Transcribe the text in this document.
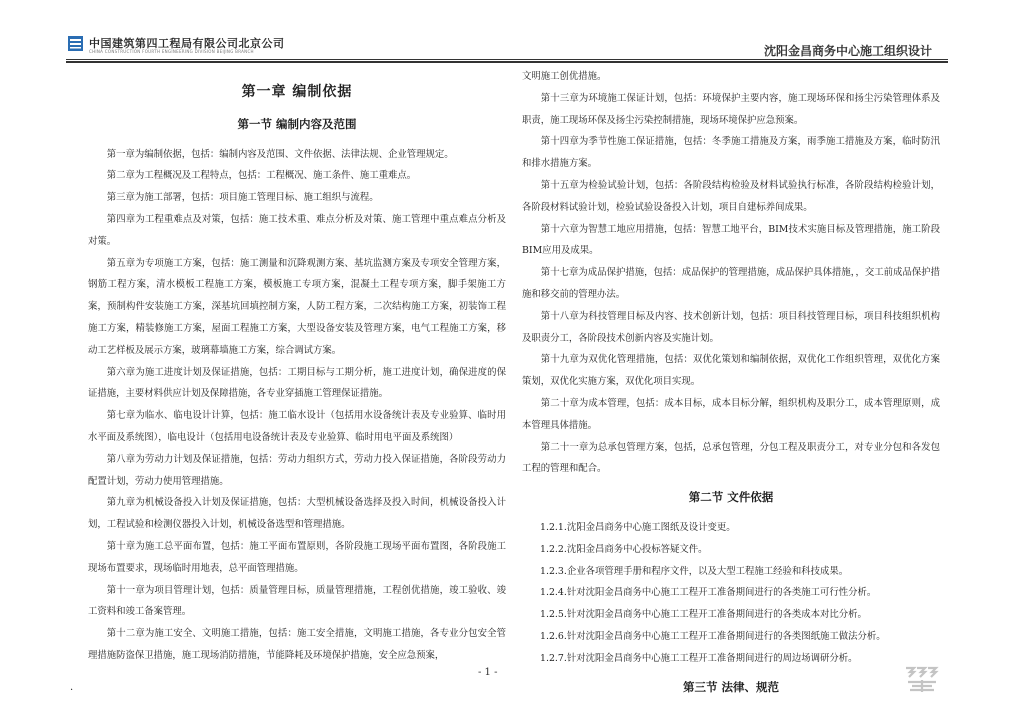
中国建筑第四工程局有限公司北京公司
CHINA CONSTRUCTION FOURTH ENGINEERING DIVISION BEIJING BRANCH	沈阳金昌商务中心施工组织设计
第一章 编制依据
第一节 编制内容及范围

第一章为编制依据，包括：编制内容及范围、文件依据、法律法规、企业管理规定。

第二章为工程概况及工程特点，包括：工程概况、施工条件、施工重难点。

第三章为施工部署，包括：项目施工管理目标、施工组织与流程。

第四章为工程重难点及对策，包括：施工技术重、难点分析及对策、施工管理中重点难点分析及对策。

第五章为专项施工方案，包括：施工测量和沉降观测方案、基坑监测方案及专项安全管理方案，钢筋工程方案，清水模板工程施工方案，模板施工专项方案，混凝土工程专项方案，脚手架施工方案，预制构件安装施工方案，深基坑回填控制方案，人防工程方案，二次结构施工方案，初装饰工程施工方案，精装修施工方案，屋面工程施工方案，大型设备安装及管理方案，电气工程施工方案，移动工艺样板及展示方案，玻璃幕墙施工方案，综合调试方案。

第六章为施工进度计划及保证措施，包括：工期目标与工期分析，施工进度计划，确保进度的保证措施，主要材料供应计划及保障措施，各专业穿插施工管理保证措施。

第七章为临水、临电设计计算，包括：施工临水设计（包括用水设备统计表及专业验算、临时用水平面及系统图），临电设计（包括用电设备统计表及专业验算、临时用电平面及系统图）

第八章为劳动力计划及保证措施，包括：劳动力组织方式，劳动力投入保证措施，各阶段劳动力配置计划，劳动力使用管理措施。

第九章为机械设备投入计划及保证措施，包括：大型机械设备选择及投入时间，机械设备投入计划，工程试验和检测仪器投入计划，机械设备选型和管理措施。

第十章为施工总平面布置，包括：施工平面布置原则，各阶段施工现场平面布置图，各阶段施工现场布置要求，现场临时用地表，总平面管理措施。

第十一章为项目管理计划，包括：质量管理目标，质量管理措施，工程创优措施，竣工验收、竣工资料和竣工备案管理。

第十二章为施工安全、文明施工措施，包括：施工安全措施，文明施工措施，各专业分包安全管理措施防盗保卫措施，施工现场消防措施，节能降耗及环境保护措施，安全应急预案，

文明施工创优措施。

第十三章为环境施工保证计划，包括：环境保护主要内容，施工现场环保和扬尘污染管理体系及职责，施工现场环保及扬尘污染控制措施，现场环境保护应急预案。

第十四章为季节性施工保证措施，包括：冬季施工措施及方案，雨季施工措施及方案，临时防汛和排水措施方案。

第十五章为检验试验计划，包括：各阶段结构检验及材料试验执行标准，各阶段结构检验计划，各阶段材料试验计划，检验试验设备投入计划，项目自建标养间成果。

第十六章为智慧工地应用措施，包括：智慧工地平台，BIM技术实施目标及管理措施，施工阶段BIM应用及成果。

第十七章为成品保护措施，包括：成品保护的管理措施，成品保护具体措施，，交工前成品保护措施和移交前的管理办法。

第十八章为科技管理目标及内容、技术创新计划，包括：项目科技管理目标，项目科技组织机构及职责分工，各阶段技术创新内容及实施计划。

第十九章为双优化管理措施，包括：双优化策划和编制依据，双优化工作组织管理，双优化方案策划，双优化实施方案，双优化项目实现。

第二十章为成本管理，包括：成本目标，成本目标分解，组织机构及职分工，成本管理原则，成本管理具体措施。

第二十一章为总承包管理方案，包括，总承包管理，分包工程及职责分工，对专业分包和各发包工程的管理和配合。

第二节 文件依据

1.2.1.沈阳金昌商务中心施工图纸及设计变更。

1.2.2.沈阳金昌商务中心投标答疑文件。

1.2.3.企业各项管理手册和程序文件，以及大型工程施工经验和科技成果。

1.2.4.针对沈阳金昌商务中心施工工程开工准备期间进行的各类施工可行性分析。

1.2.5.针对沈阳金昌商务中心施工工程开工准备期间进行的各类成本对比分析。

1.2.6.针对沈阳金昌商务中心施工工程开工准备期间进行的各类图纸施工做法分析。

1.2.7.针对沈阳金昌商务中心施工工程开工准备期间进行的周边场调研分析。

第三节 法律、规范
- 1 -
.
